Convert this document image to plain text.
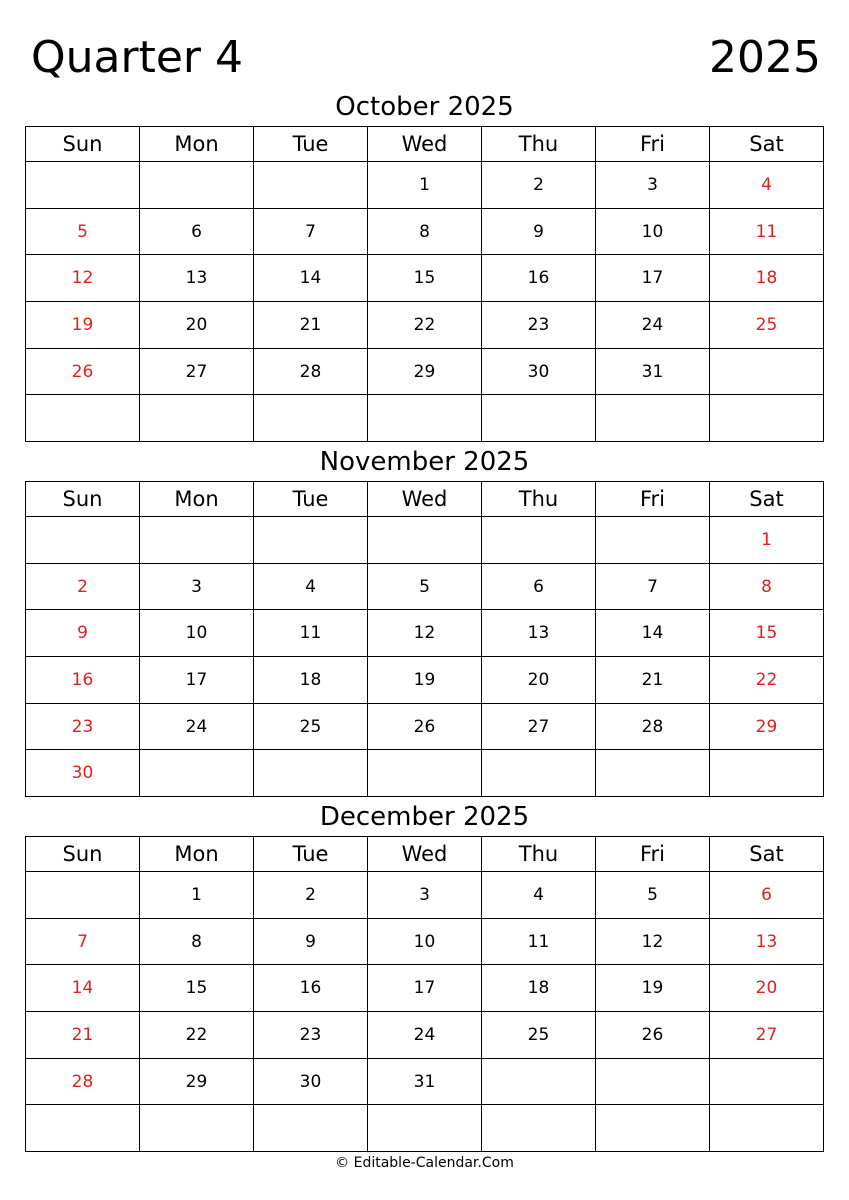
Quarter 4	2025
October 2025
Sun	Mon	Tue	Wed	Thu	Fri	Sat
			1	2	3	4
5	6	7	8	9	10	11
12	13	14	15	16	17	18
19	20	21	22	23	24	25
26	27	28	29	30	31	

November 2025
Sun	Mon	Tue	Wed	Thu	Fri	Sat
						1
2	3	4	5	6	7	8
9	10	11	12	13	14	15
16	17	18	19	20	21	22
23	24	25	26	27	28	29
30						
December 2025
Sun	Mon	Tue	Wed	Thu	Fri	Sat
	1	2	3	4	5	6
7	8	9	10	11	12	13
14	15	16	17	18	19	20
21	22	23	24	25	26	27
28	29	30	31			

© Editable-Calendar.Com
